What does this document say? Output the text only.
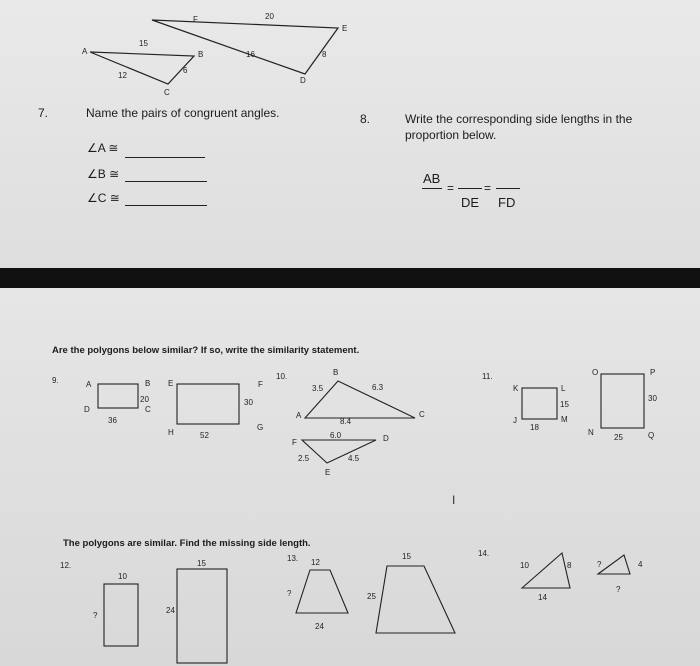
F	20
E
15
A	B	16	8
6
12
D
C
7.	Name the pairs of congruent angles.
∠A ≅
∠B ≅
∠C ≅
8.	Write the corresponding side lengths in the
proportion below.
AB
= =
DE FD
Are the polygons below similar? If so, write the similarity statement.
9.	A	B
20
C
D
36
E	F
30
G
H	52
10.	B
3.5	6.3
A	C
8.4
6.0
F	D
2.5	4.5
E
11.
K	L
15
M
J
18
O	P
30
N
25	Q
I
The polygons are similar. Find the missing side length.
12.
10
?
15
24
13. 12
?
24
15
25
14.
10	8
14
?	4
?
